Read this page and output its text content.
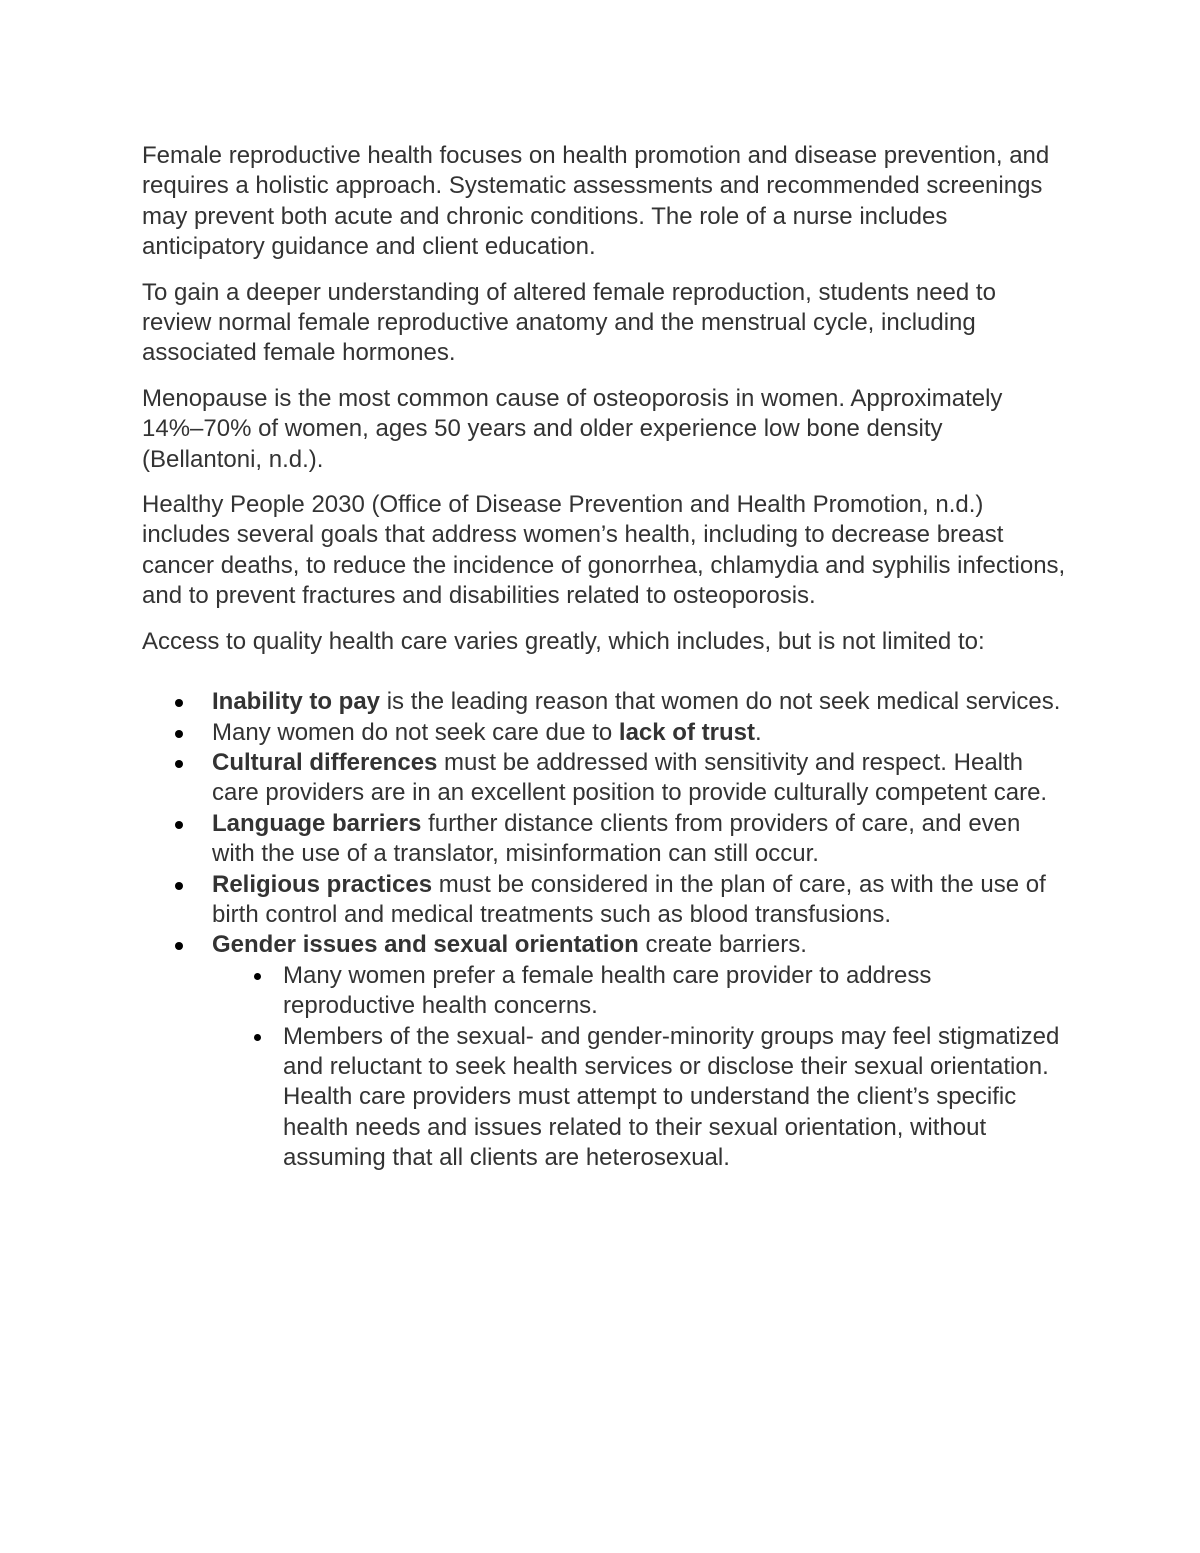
Female reproductive health focuses on health promotion and disease prevention, and requires a holistic approach. Systematic assessments and recommended screenings may prevent both acute and chronic conditions. The role of a nurse includes anticipatory guidance and client education.

To gain a deeper understanding of altered female reproduction, students need to review normal female reproductive anatomy and the menstrual cycle, including associated female hormones.

Menopause is the most common cause of osteoporosis in women. Approximately 14%–70% of women, ages 50 years and older experience low bone density (Bellantoni, n.d.).

Healthy People 2030 (Office of Disease Prevention and Health Promotion, n.d.) includes several goals that address women’s health, including to decrease breast cancer deaths, to reduce the incidence of gonorrhea, chlamydia and syphilis infections, and to prevent fractures and disabilities related to osteoporosis.

Access to quality health care varies greatly, which includes, but is not limited to:

Inability to pay is the leading reason that women do not seek medical services.
Many women do not seek care due to lack of trust.
Cultural differences must be addressed with sensitivity and respect. Health care providers are in an excellent position to provide culturally competent care.
Language barriers further distance clients from providers of care, and even with the use of a translator, misinformation can still occur.
Religious practices must be considered in the plan of care, as with the use of birth control and medical treatments such as blood transfusions.
Gender issues and sexual orientation create barriers.
Many women prefer a female health care provider to address reproductive health concerns.
Members of the sexual- and gender-minority groups may feel stigmatized and reluctant to seek health services or disclose their sexual orientation. Health care providers must attempt to understand the client’s specific health needs and issues related to their sexual orientation, without assuming that all clients are heterosexual.
